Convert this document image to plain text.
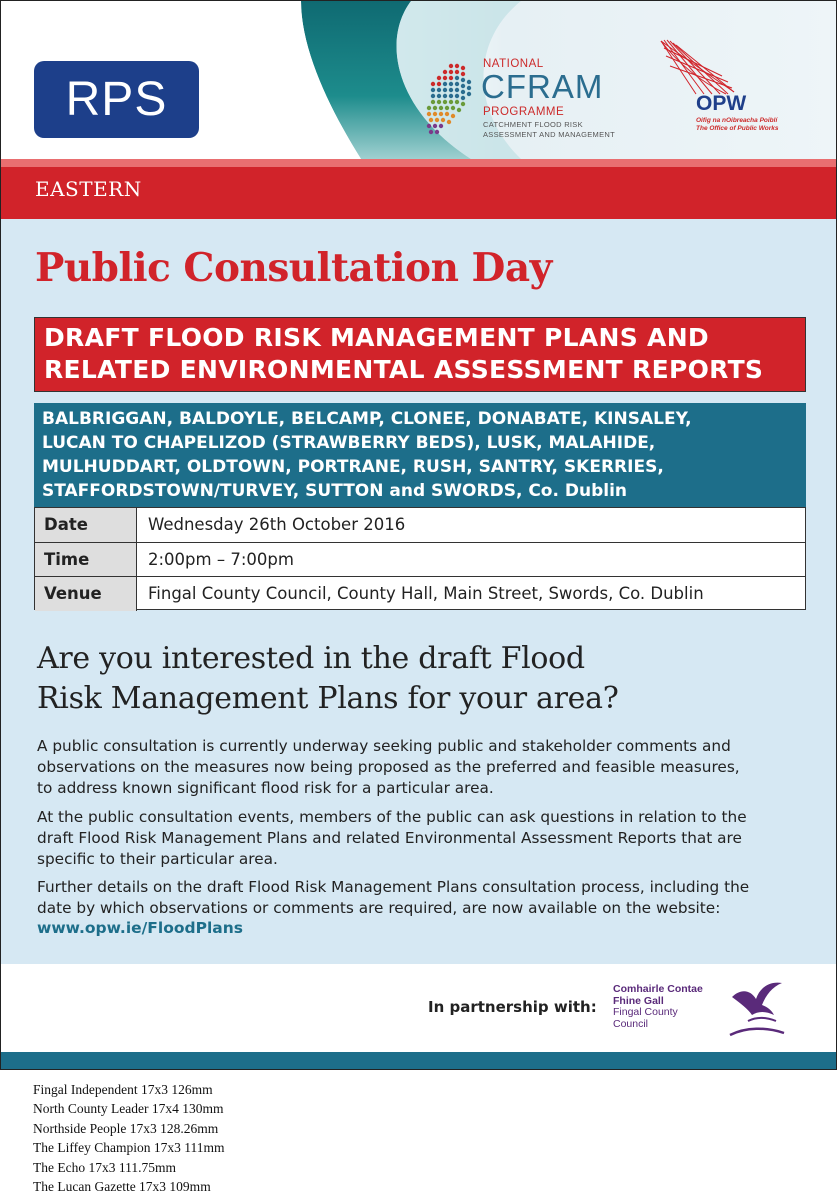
RPS
NATIONAL
CFRAM
PROGRAMME
CATCHMENT FLOOD RISK
ASSESSMENT AND MANAGEMENT
OPW
Oifig na nOibreacha Poiblí
The Office of Public Works
EASTERN
Public Consultation Day
DRAFT FLOOD RISK MANAGEMENT PLANS AND
RELATED ENVIRONMENTAL ASSESSMENT REPORTS
BALBRIGGAN, BALDOYLE, BELCAMP, CLONEE, DONABATE, KINSALEY,
LUCAN TO CHAPELIZOD (STRAWBERRY BEDS), LUSK, MALAHIDE,
MULHUDDART, OLDTOWN, PORTRANE, RUSH, SANTRY, SKERRIES,
STAFFORDSTOWN/TURVEY, SUTTON and SWORDS, Co. Dublin
Date	Wednesday 26th October 2016
Time	2:00pm – 7:00pm
Venue	Fingal County Council, County Hall, Main Street, Swords, Co. Dublin
Are you interested in the draft Flood
Risk Management Plans for your area?
A public consultation is currently underway seeking public and stakeholder comments and
observations on the measures now being proposed as the preferred and feasible measures,
to address known significant flood risk for a particular area.
At the public consultation events, members of the public can ask questions in relation to the
draft Flood Risk Management Plans and related Environmental Assessment Reports that are
specific to their particular area.
Further details on the draft Flood Risk Management Plans consultation process, including the
date by which observations or comments are required, are now available on the website:
www.opw.ie/FloodPlans
In partnership with:
Comhairle Contae
Fhine Gall
Fingal County
Council
Fingal Independent 17x3 126mm
North County Leader 17x4 130mm
Northside People 17x3 128.26mm
The Liffey Champion 17x3 111mm
The Echo 17x3 111.75mm
The Lucan Gazette 17x3 109mm
